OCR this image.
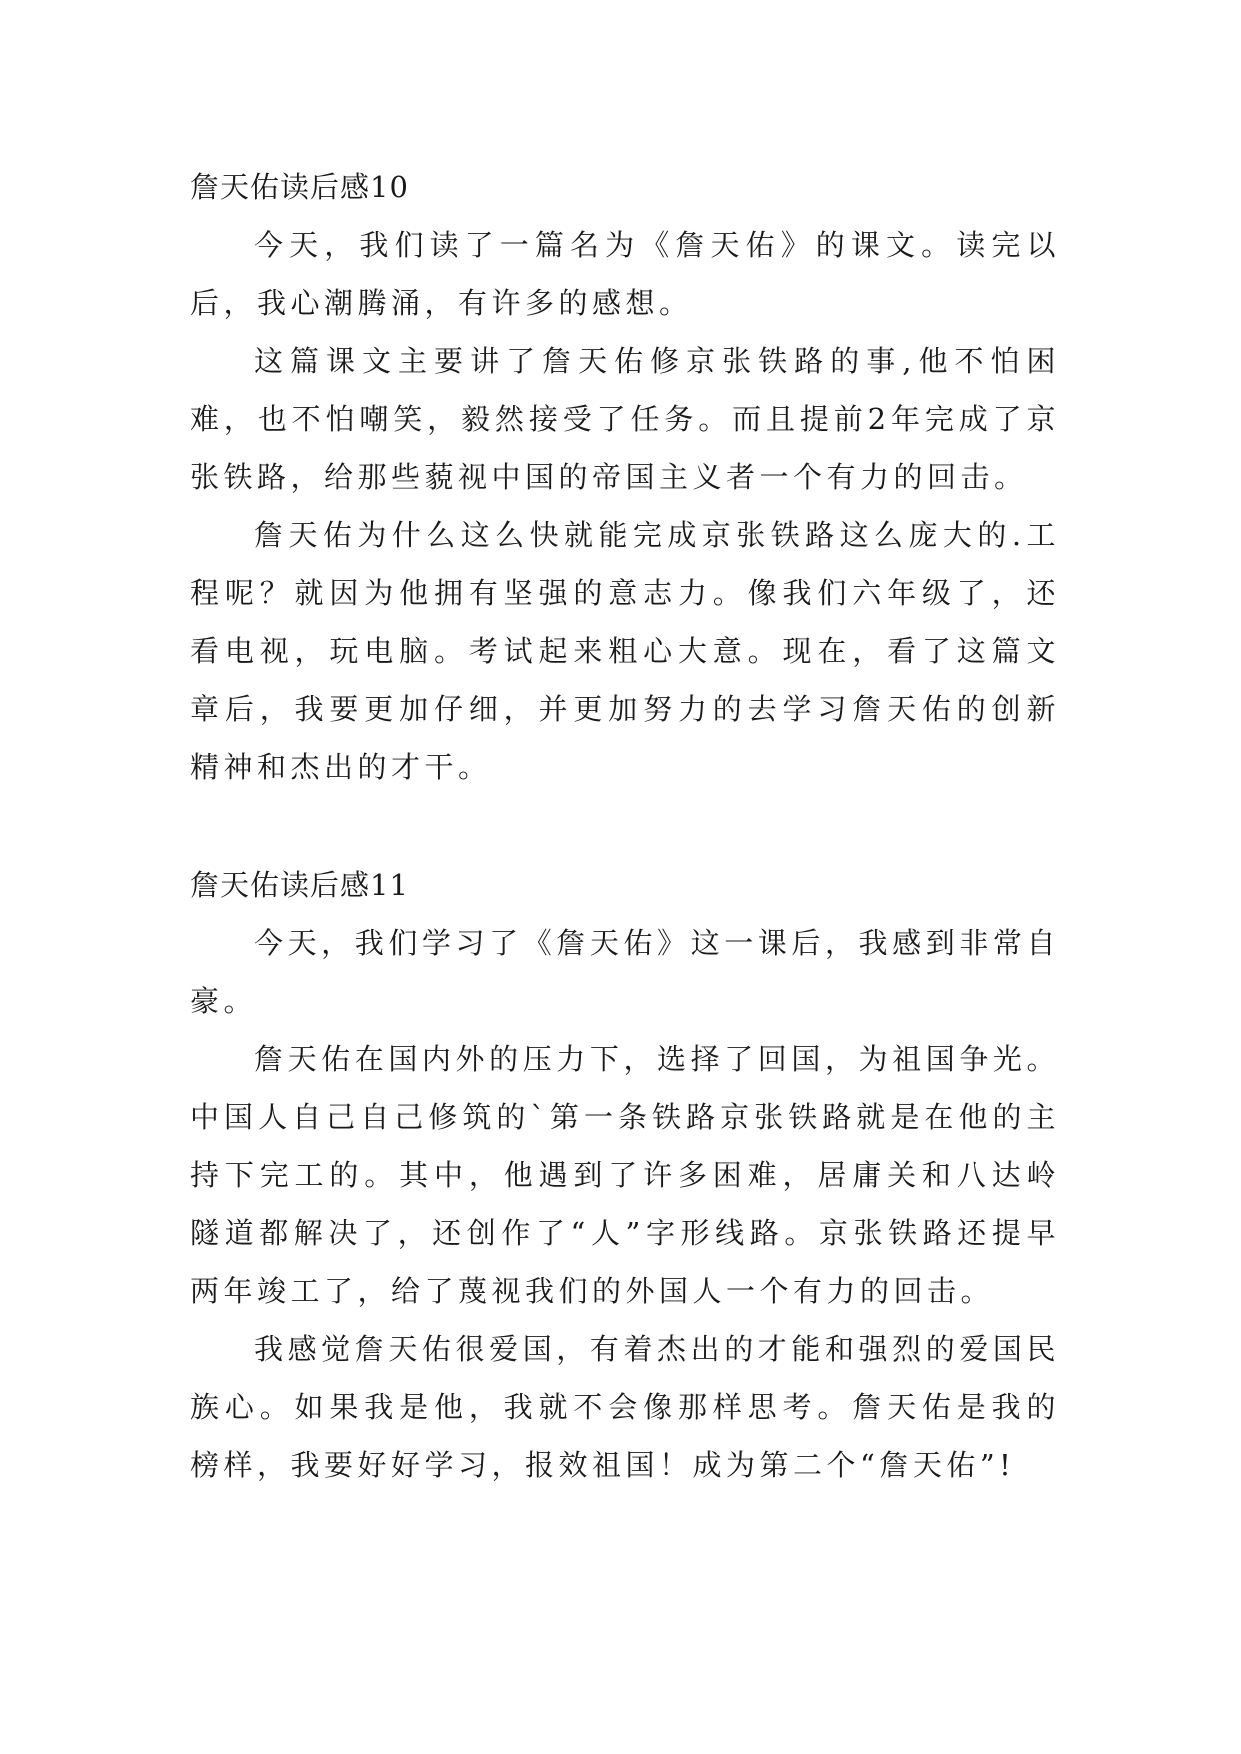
詹天佑读后感10

今天，我们读了一篇名为《詹天佑》的课文。读完以后，我心潮腾涌，有许多的感想。

这篇课文主要讲了詹天佑修京张铁路的事,他不怕困难，也不怕嘲笑，毅然接受了任务。而且提前2年完成了京张铁路，给那些藐视中国的帝国主义者一个有力的回击。

詹天佑为什么这么快就能完成京张铁路这么庞大的.工程呢？就因为他拥有坚强的意志力。像我们六年级了，还看电视，玩电脑。考试起来粗心大意。现在，看了这篇文章后，我要更加仔细，并更加努力的去学习詹天佑的创新精神和杰出的才干。

詹天佑读后感11

今天，我们学习了《詹天佑》这一课后，我感到非常自豪。

詹天佑在国内外的压力下，选择了回国，为祖国争光。中国人自己自己修筑的`第一条铁路京张铁路就是在他的主持下完工的。其中，他遇到了许多困难，居庸关和八达岭隧道都解决了，还创作了“人”字形线路。京张铁路还提早两年竣工了，给了蔑视我们的外国人一个有力的回击。

我感觉詹天佑很爱国，有着杰出的才能和强烈的爱国民族心。如果我是他，我就不会像那样思考。詹天佑是我的榜样，我要好好学习，报效祖国！成为第二个“詹天佑”!
